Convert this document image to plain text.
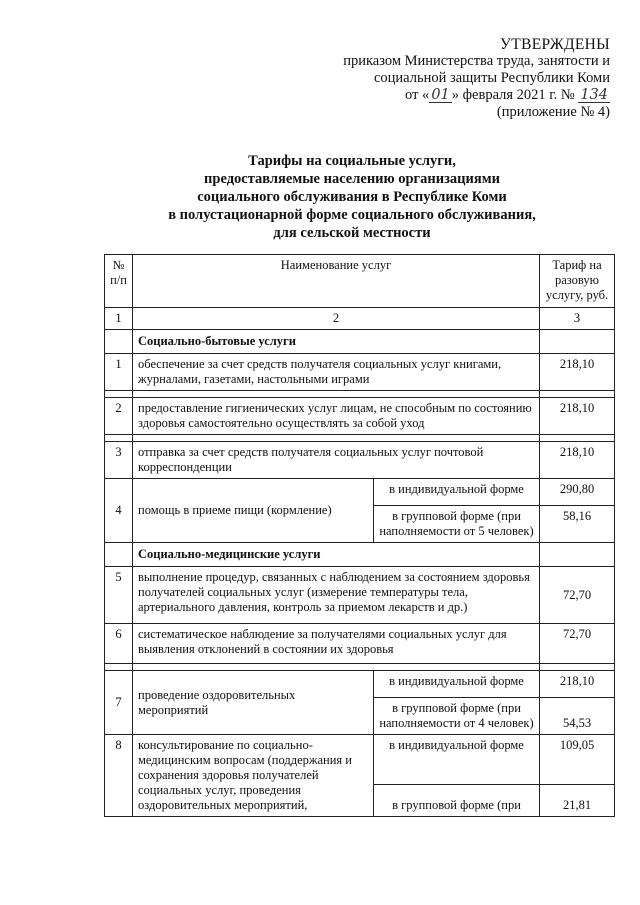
УТВЕРЖДЕНЫ
приказом Министерства труда, занятости и
социальной защиты Республики Коми
от « 01 » февраля 2021 г. № 134
(приложение № 4)
Тарифы на социальные услуги,
предоставляемые населению организациями
социального обслуживания в Республике Коми
в полустационарной форме социального обслуживания,
для сельской местности
№ п/п	Наименование услуг		Тариф на разовую услугу, руб.
1	2		3
	Социально-бытовые услуги		
1	обеспечение за счет средств получателя социальных услуг книгами, журналами, газетами, настольными играми		218,10

2	предоставление гигиенических услуг лицам, не способным по состоянию здоровья самостоятельно осуществлять за собой уход		218,10

3	отправка за счет средств получателя социальных услуг почтовой корреспонденции		218,10
4	помощь в приеме пищи (кормление)	в индивидуальной форме	290,80
		в групповой форме (при наполняемости от 5 человек)	58,16
	Социально-медицинские услуги		
5	выполнение процедур, связанных с наблюдением за состоянием здоровья получателей социальных услуг (измерение температуры тела, артериального давления, контроль за приемом лекарств и др.)		72,70
6	систематическое наблюдение за получателями социальных услуг для выявления отклонений в состоянии их здоровья		72,70

7	проведение оздоровительных мероприятий	в индивидуальной форме	218,10
		в групповой форме (при наполняемости от 4 человек)	54,53
8	консультирование по социально-медицинским вопросам (поддержания и сохранения здоровья получателей социальных услуг, проведения оздоровительных мероприятий,	в индивидуальной форме	109,05
		в групповой форме (при	21,81
